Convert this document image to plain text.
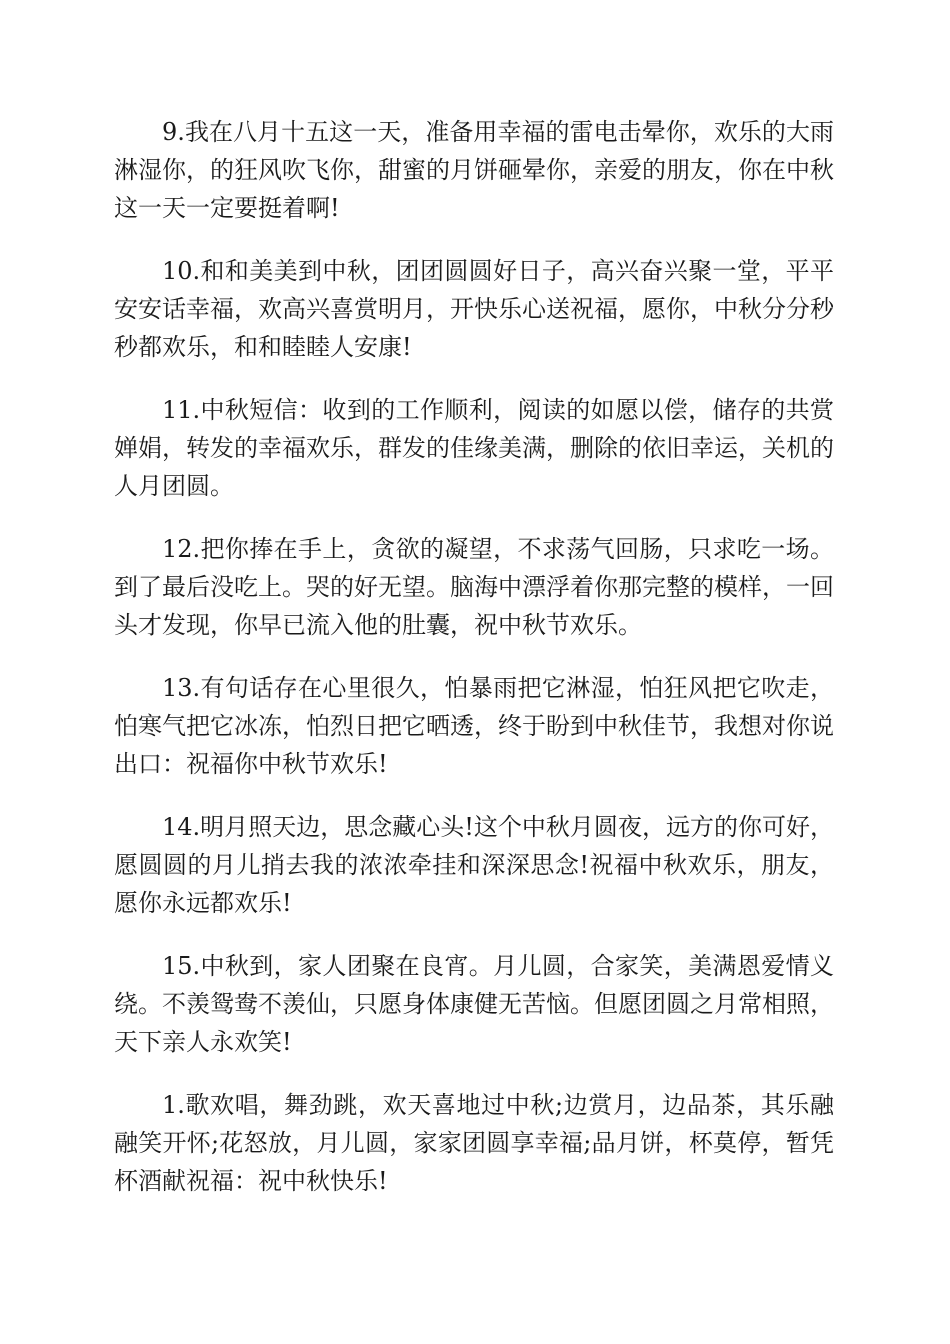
9.我在八月十五这一天，准备用幸福的雷电击晕你，欢乐的大雨淋湿你，的狂风吹飞你，甜蜜的月饼砸晕你，亲爱的朋友，你在中秋这一天一定要挺着啊!

10.和和美美到中秋，团团圆圆好日子，高兴奋兴聚一堂，平平安安话幸福，欢高兴喜赏明月，开快乐心送祝福，愿你，中秋分分秒秒都欢乐，和和睦睦人安康!

11.中秋短信：收到的工作顺利，阅读的如愿以偿，储存的共赏婵娟，转发的幸福欢乐，群发的佳缘美满，删除的依旧幸运，关机的人月团圆。

12.把你捧在手上，贪欲的凝望，不求荡气回肠，只求吃一场。到了最后没吃上。哭的好无望。脑海中漂浮着你那完整的模样，一回头才发现，你早已流入他的肚囊，祝中秋节欢乐。

13.有句话存在心里很久，怕暴雨把它淋湿，怕狂风把它吹走，怕寒气把它冰冻，怕烈日把它晒透，终于盼到中秋佳节，我想对你说出口：祝福你中秋节欢乐!

14.明月照天边，思念藏心头!这个中秋月圆夜，远方的你可好，愿圆圆的月儿捎去我的浓浓牵挂和深深思念!祝福中秋欢乐，朋友，愿你永远都欢乐!

15.中秋到，家人团聚在良宵。月儿圆，合家笑，美满恩爱情义绕。不羡鸳鸯不羡仙，只愿身体康健无苦恼。但愿团圆之月常相照，天下亲人永欢笑!

1.歌欢唱，舞劲跳，欢天喜地过中秋;边赏月，边品茶，其乐融融笑开怀;花怒放，月儿圆，家家团圆享幸福;品月饼，杯莫停，暂凭杯酒献祝福：祝中秋快乐!
